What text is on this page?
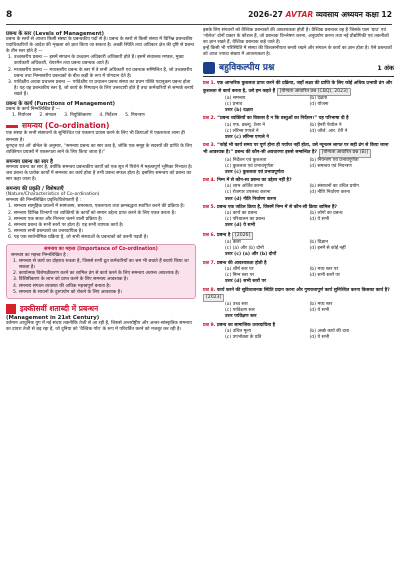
8	2026-27 AVTAR व्यवसाय अध्ययन कक्षा 12

प्रबन्ध के स्तर (Levels of Management)

प्रबन्ध के स्तरों से आशय किसी संस्था के प्रबन्धकीय पदों से है। प्रबन्ध के स्तरों से किसी संस्था में विभिन्न प्रबन्धकीय पदाधिकारियों के आदेश की शृंखला को ज्ञात किया जा सकता है। अच्छी स्थिति तथा अधिकार क्षेत्र की दृष्टि से प्रबन्ध के तीन स्तर होते हैं —

1. उच्चस्तरीय प्रबन्ध — इसमें संगठन के उच्चतम अधिकारी अधिकारी होते हैं। इसमें संचालक मण्डल, मुख्य कार्यकारी अधिकारी, चेयरमैन तथा प्रबन्ध प्रबन्धक आते हैं।

2. मध्यस्तरीय प्रबन्ध — मध्यस्तरीय प्रबन्ध के स्तर में वे सभी अधिकारी एवं प्रबन्धक सम्मिलित हैं, जो उच्चस्तरीय प्रबन्ध तथा निम्नस्तरीय प्रबन्धकों के बीच कड़ी के रूप में योगदान देते हैं।

3. पर्यवेक्षीय अथवा प्रचालन प्रबन्ध — पर्यवेक्षीय या प्रचालन प्रबन्ध संस्था का प्रथम पंक्ति पदानुक्रम प्रबन्ध होता है। यह वह प्रबन्धकीय स्तर है, जो कार्य के निष्पादन के लिए उत्तरदायी होते हैं तथा कर्मचारियों से सम्पर्क बनाये रखते हैं।

प्रबन्ध के कार्य (Functions of Management)

प्रबन्ध के कार्य निम्नलिखित हैं —

1. नियोजन 2. संगठन 3. नियुक्तिकरण 4. निर्देशन 5. नियन्त्रण
समन्वय (Co-ordination)

एक संस्था के सभी संसाधनों के सुनिश्चित एवं एकरूप प्रयास करने के लिए भी क्रियाओं में एकरूपता लाना ही समन्वय है।

कूण्ट्ज एवं ओ' डोनेल के अनुसार, “समन्वय प्रबन्ध का सार तत्व है, जोकि एक समूह के सदस्यों की प्राप्ति के लिए व्यक्तिगत प्रयासों में एकरूपता लाने के लिए किया जाता है।”

समन्वय प्रबन्ध का सार है

समन्वय प्रबन्ध का सार है, क्योंकि समन्वय प्रबन्धकीय कार्यों को एक सूत्र में पिरोने में महत्त्वपूर्ण भूमिका निभाता है। जब प्रबन्ध के प्रत्येक कार्यों में समन्वय का कार्य होता है तभी प्रबन्ध सफल होता है। इसलिए समन्वय को प्रबन्ध का सार कहा जाता है।

समन्वय की प्रकृति / विशेषताएँ

(Nature/Characteristics of Co-ordination)

समन्वय की निम्नलिखित प्रवृत्ति/विशेषताएँ हैं :

1. समन्वय सामूहिक प्रयत्नों में सामंजस्य, समरसता, एकरूपता तथा क्रमबद्धता स्थापित करने की प्रक्रिया है।

2. समन्वय विभिन्न विभागों एवं व्यक्तियों के कार्यों को समान उद्देश्य प्राप्त करने के लिए एकत्र करता है।

3. समन्वय एक सतत और निरन्तर चलने वाली प्रक्रिया है।

4. समन्वय प्रबन्ध के सभी स्तरों पर होता है। यह सभी व्यापक कार्य है।

5. समन्वय सभी प्रबन्धकों का उत्तरदायित्व है।

6. यह एक सार्वभौमिक प्रक्रिया है, जो सभी संस्थाओं के प्रबन्धकों को करनी पड़ती है।

समन्वय का महत्त्व (Importance of Co-ordination)

समन्वय का महत्त्व निम्नलिखित है :

1. समन्वय से कार्य का दोहराव रुकता है, जिससे सभी द्रुत कर्मचारियों का श्रम भी बचाते हैं बचाये किया जा सकता है।

2. कार्यात्मक विशेषज्ञीकरण करने का शामिल ढंग से कार्य करने के लिए समन्वय अत्यन्त आवश्यक है।

3. विशिष्टीकरण के लाभ को प्राप्त करने के लिए समन्वय आवश्यक है।

4. समन्वय संगठन व्यवस्था की अधिक महत्त्वपूर्ण बनाता है।

5. समन्वय के साधनों के दुरुपयोग को रोकने के लिए आवश्यक है।

इक्कीसवीं शताब्दी में प्रबन्धन

(Management in 21st Century)

वर्तमान आधुनिक युग में नई संचार तकनीकि तेजी से आ रही है, जिससे अन्तर्राष्ट्रीय और अन्तर-सांस्कृतिक समन्वय का दायरा तेजी से बढ़ रहा है, जो दुनिया को 'वैश्विक गाँव' के रूप में परिवर्तित करने को मजबूर कर रही है।

इसके लिए संगठनों को वैश्विक प्रबन्धकों की आवश्यकता होती है। वैश्विक प्रबन्धक वह है जिसके पास 'ग्राउ' एवं 'नोलेज' दोनों प्रकार के कौशल हैं, जो प्रबन्धक विश्लेषण करना, अनुप्रयोग करना तथा नई प्रौद्योगिकी एवं तकनीकों का ज्ञान रखते हैं, वैश्विक प्रबन्धक कहे जाते हैं।

इन्हें किसी भी परिस्थिति में संस्था की विश्वसनीयता बनाये रखने और संगठन के कार्य का ज्ञान होता है। ऐसे प्रबन्धकों को आज ज्यादा संख्या में आवश्यकता है।

बहुविकल्पीय प्रश्न	1 अंक

प्रश्न 1. एक आन्तरिक कुशलता प्राप्त करने की प्रक्रिया, जहाँ लक्ष्य की प्राप्ति के लिए कोई अधिक प्रभावी ढंग और कुशलता से कार्य करता है, उसे हम कहते हैं [योग्यता आधारित प्रश्न (CBQ), 2023]

(a) समन्वय	(b) दक्षता
(c) प्रभाव	(d) योजना

उत्तर (b) दक्षता

प्रश्न 2. “प्रबन्ध व्यक्तियों का विकास है न कि वस्तुओं का निर्देशन।” यह परिभाषा दी है

(a) एफ. डब्ल्यू. टेलर ने	(b) हेनरी फेयोल ने
(c) लॉरेन्स एप्पले ने	(d) जॉर्ज. आर. टेरी ने

उत्तर (c) लॉरेन्स एप्पले ने

प्रश्न 3. “कोई भी कार्य समय पर पूर्ण होना ही पर्याप्त नहीं होता, उसे न्यूनतम लागत पर सही ढंग से किया जाना भी आवश्यक है।” प्रबन्ध की कौन-सी अवधारणा इससे सम्बन्धित है? [योग्यता आधारित प्रश्न (B)]

(a) निर्देशन एवं कुशलता	(b) नियन्त्रण एवं प्रभावपूर्णता
(c) कुशलता एवं प्रभावपूर्णता	(d) समन्वय एवं नियन्त्रण

उत्तर (c) कुशलता एवं प्रभावपूर्णता

प्रश्न 4. निम्न में से कौन-सा प्रबन्ध का उद्देश्य नहीं है?

(a) लाभ अर्जित करना	(b) संसाधनों का उचित प्रयोग
(c) रोजगार उपलब्ध कराना	(d) नीति निर्धारण करना

उत्तर (d) नीति निर्धारण करना

प्रश्न 5. प्रबन्ध एक जटिल क्रिया है, जिसमें निम्न में से कौन-सी क्रिया शामिल है?

(a) कार्य का प्रबन्ध	(b) लोगों का प्रबन्ध
(c) परिचालन का प्रबन्ध	(d) ये सभी

उत्तर (d) ये सभी

प्रश्न 6. प्रबन्ध है [2026]

(a) कला	(b) विज्ञान
(c) (a) और (b) दोनों	(d) इनमें से कोई नहीं

उत्तर (c) (a) और (b) दोनों

प्रश्न 7. प्रबन्ध की आवश्यकता होती है

(a) शीर्ष स्तर पर	(b) मध्य स्तर पर
(c) निम्न स्तर पर	(d) सभी स्तरों पर

उत्तर (d) सभी स्तरों पर

प्रश्न 8. कार्य करने की सुविधाजनक स्थिति प्रदान करना और गुणवत्तापूर्ण कार्य सुनिश्चित करना किसका कार्य है? [2023]

(a) उच्च स्तर	(b) मध्य स्तर
(c) पर्यवेक्षण स्तर	(d) ये सभी

उत्तर पर्यवेक्षण स्तर

प्रश्न 9. प्रबन्ध का सामाजिक उत्तरदायित्व है

(a) उचित मूल्य	(b) अच्छे कार्य की दशा
(c) उपभोक्ता के प्रति	(d) ये सभी
